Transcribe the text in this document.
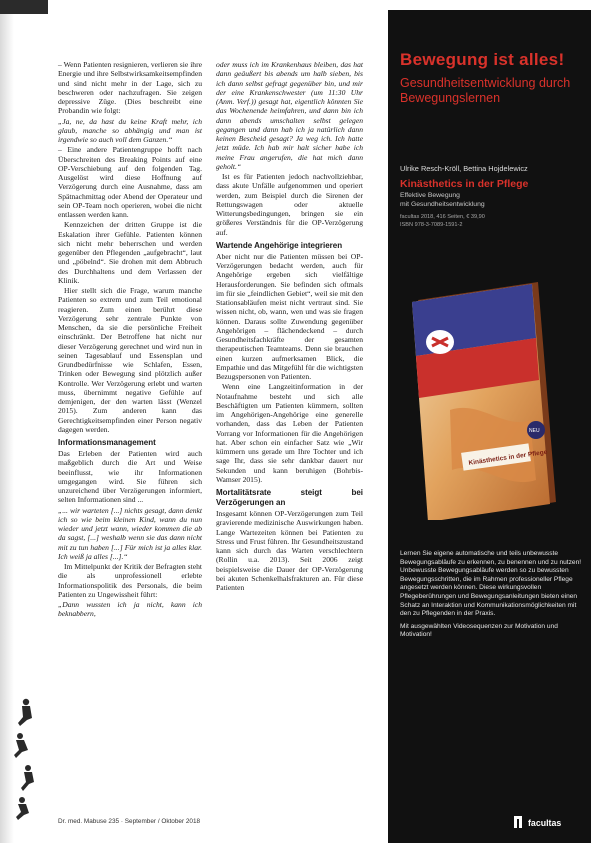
– Wenn Patienten resignieren, verlieren sie ihre Energie und ihre Selbstwirksamkeitsempfinden und sind nicht mehr in der Lage, sich zu beschweren oder nachzufragen. Sie zeigen depressive Züge. (Dies beschreibt eine Probandin wie folgt:

„Ja, ne, da hast du keine Kraft mehr, ich glaub, manche so abhängig und man ist irgendwie so auch voll dem Ganzen.“

– Eine andere Patientengruppe hofft nach Überschreiten des Breaking Points auf eine OP-Verschiebung auf den folgenden Tag. Ausgelöst wird diese Hoffnung auf Verzögerung durch eine Ausnahme, dass am Spätnachmittag oder Abend der Operateur und sein OP-Team noch operieren, wobei die nicht entlassen werden kann.

Kennzeichen der dritten Gruppe ist die Eskalation ihrer Gefühle. Patienten können sich nicht mehr beherrschen und werden gegenüber den Pflegenden „aufgebracht“, laut und „pöbelnd“. Sie drohen mit dem Abbruch des Durchhaltens und dem Verlassen der Klinik.

Hier stellt sich die Frage, warum manche Patienten so extrem und zum Teil emotional reagieren. Zum einen berührt diese Verzögerung sehr zentrale Punkte von Menschen, da sie die persönliche Freiheit einschränkt. Der Betroffene hat nicht nur dieser Verzögerung gerechnet und wird nun in seinen Tagesablauf und Essensplan und Grundbedürfnisse wie Schlafen, Essen, Trinken oder Bewegung sind plötzlich außer Kontrolle. Wer Verzögerung erlebt und warten muss, übernimmt negative Gefühle auf demjenigen, der den warten lässt (Wenzel 2015). Zum anderen kann das Gerechtigkeitsempfinden einer Person negativ dagegen werden.

Informationsmanagement

Das Erleben der Patienten wird auch maßgeblich durch die Art und Weise beeinflusst, wie ihr Informationen umgegangen wird. Sie führen sich unzureichend über Verzögerungen informiert, selten Informationen sind ...

„... wir warteten [...] nichts gesagt, dann denkt ich so wie beim kleinen Kind, wann du nun wieder und jetzt wann, wieder kommen die ab da sagst, [...] weshalb wenn sie das dann nicht mit zu tun haben [...] Für mich ist ja alles klar. Ich weiß ja alles [...].“

Im Mittelpunkt der Kritik der Befragten steht die als unprofessionell erlebte Informationspolitik des Personals, die beim Patienten zu Ungewissheit führt:

„Dann wussten ich ja nicht, kann ich beknabbern,

oder muss ich im Krankenhaus bleiben, das hat dann geäußert bis abends um halb sieben, bis ich dann selbst gefragt gegenüber bin, und mir der eine Krankenschwester (um 11:30 Uhr (Anm. Verf.)) gesagt hat, eigentlich könnten Sie das Wochenende heimfahren, und dann bin ich dann abends umschalten selbst gelegen gegangen und dann hab ich ja natürlich dann keinen Bescheid gesagt? Ja weg ich. Ich hatte jetzt müde. Ich hab mir halt sicher habe ich meine Frau angerufen, die hat mich dann geholt.“

Ist es für Patienten jedoch nachvollziehbar, dass akute Unfälle aufgenommen und operiert werden, zum Beispiel durch die Sirenen der Rettungswagen oder aktuelle Witterungsbedingungen, bringen sie ein größeres Verständnis für die OP-Verzögerung auf.

Wartende Angehörige integrieren

Aber nicht nur die Patienten müssen bei OP-Verzögerungen bedacht werden, auch für Angehörige ergeben sich vielfältige Herausforderungen. Sie befinden sich oftmals im für sie „feindlichen Gebiet“, weil sie mit den Stationsabläufen meist nicht vertraut sind. Sie wissen nicht, ob, wann, wen und was sie fragen können. Daraus sollte Zuwendung gegenüber Angehörigen – flächendeckend – durch Gesundheitsfachkräfte der gesamten therapeutischen Teamteams. Denn sie brauchen einen kurzen aufmerksamen Blick, die Empathie und das Mitgefühl für die wichtigsten Bezugspersonen von Patienten.

Wenn eine Langzeitinformation in der Notaufnahme besteht und sich alle Beschäftigten um Patienten kümmern, sollten im Angehörigen-Angehörige eine generelle vorhanden, dass das Leben der Patienten Vorrang vor Informationen für die Angehörigen hat. Aber schon ein einfacher Satz wie „Wir kümmern uns gerade um Ihre Tochter und ich sage Ihr, dass sie sehr dankbar dauert nur Sekunden und kann beruhigen (Bohrbis-Wamser 2015).

Mortalitätsrate steigt bei Verzögerungen an

Insgesamt können OP-Verzögerungen zum Teil gravierende medizinische Auswirkungen haben. Lange Wartezeiten können bei Patienten zu Stress und Frust führen. Ihr Gesundheitszustand kann sich durch das Warten verschlechtern (Rollin u.a. 2013). Seit 2006 zeigt beispielsweise die Dauer der OP-Verzögerung bei akuten Schenkelhalsfrakturen an. Für diese Patienten

Dr. med. Mabuse 235 · September / Oktober 2018
Bewegung ist alles!
Gesundheitsentwicklung durch Bewegungslernen
Ulrike Resch-Kröll, Bettina Hojdelewicz
Kinästhetics in der Pflege
Effektive Bewegung
mit Gesundheitsentwicklung
facultas 2018, 416 Seiten, € 39,90
ISBN 978-3-7089-1591-2
Kinästhetics in der Pflege
NEU

Lernen Sie eigene automatische und teils unbewusste Bewegungsabläufe zu erkennen, zu benennen und zu nutzen! Unbewusste Bewegungsabläufe werden so zu bewussten Bewegungsschritten, die im Rahmen professioneller Pflege angesetzt werden können. Diese wirkungsvollen Pflegeberührungen und Bewegungsanleitungen bieten einen Schatz an Interaktion und Kommunikationsmöglichkeiten mit den zu Pflegenden in der Praxis.

Mit ausgewählten Videosequenzen zur Motivation und Motivation!

facultas
